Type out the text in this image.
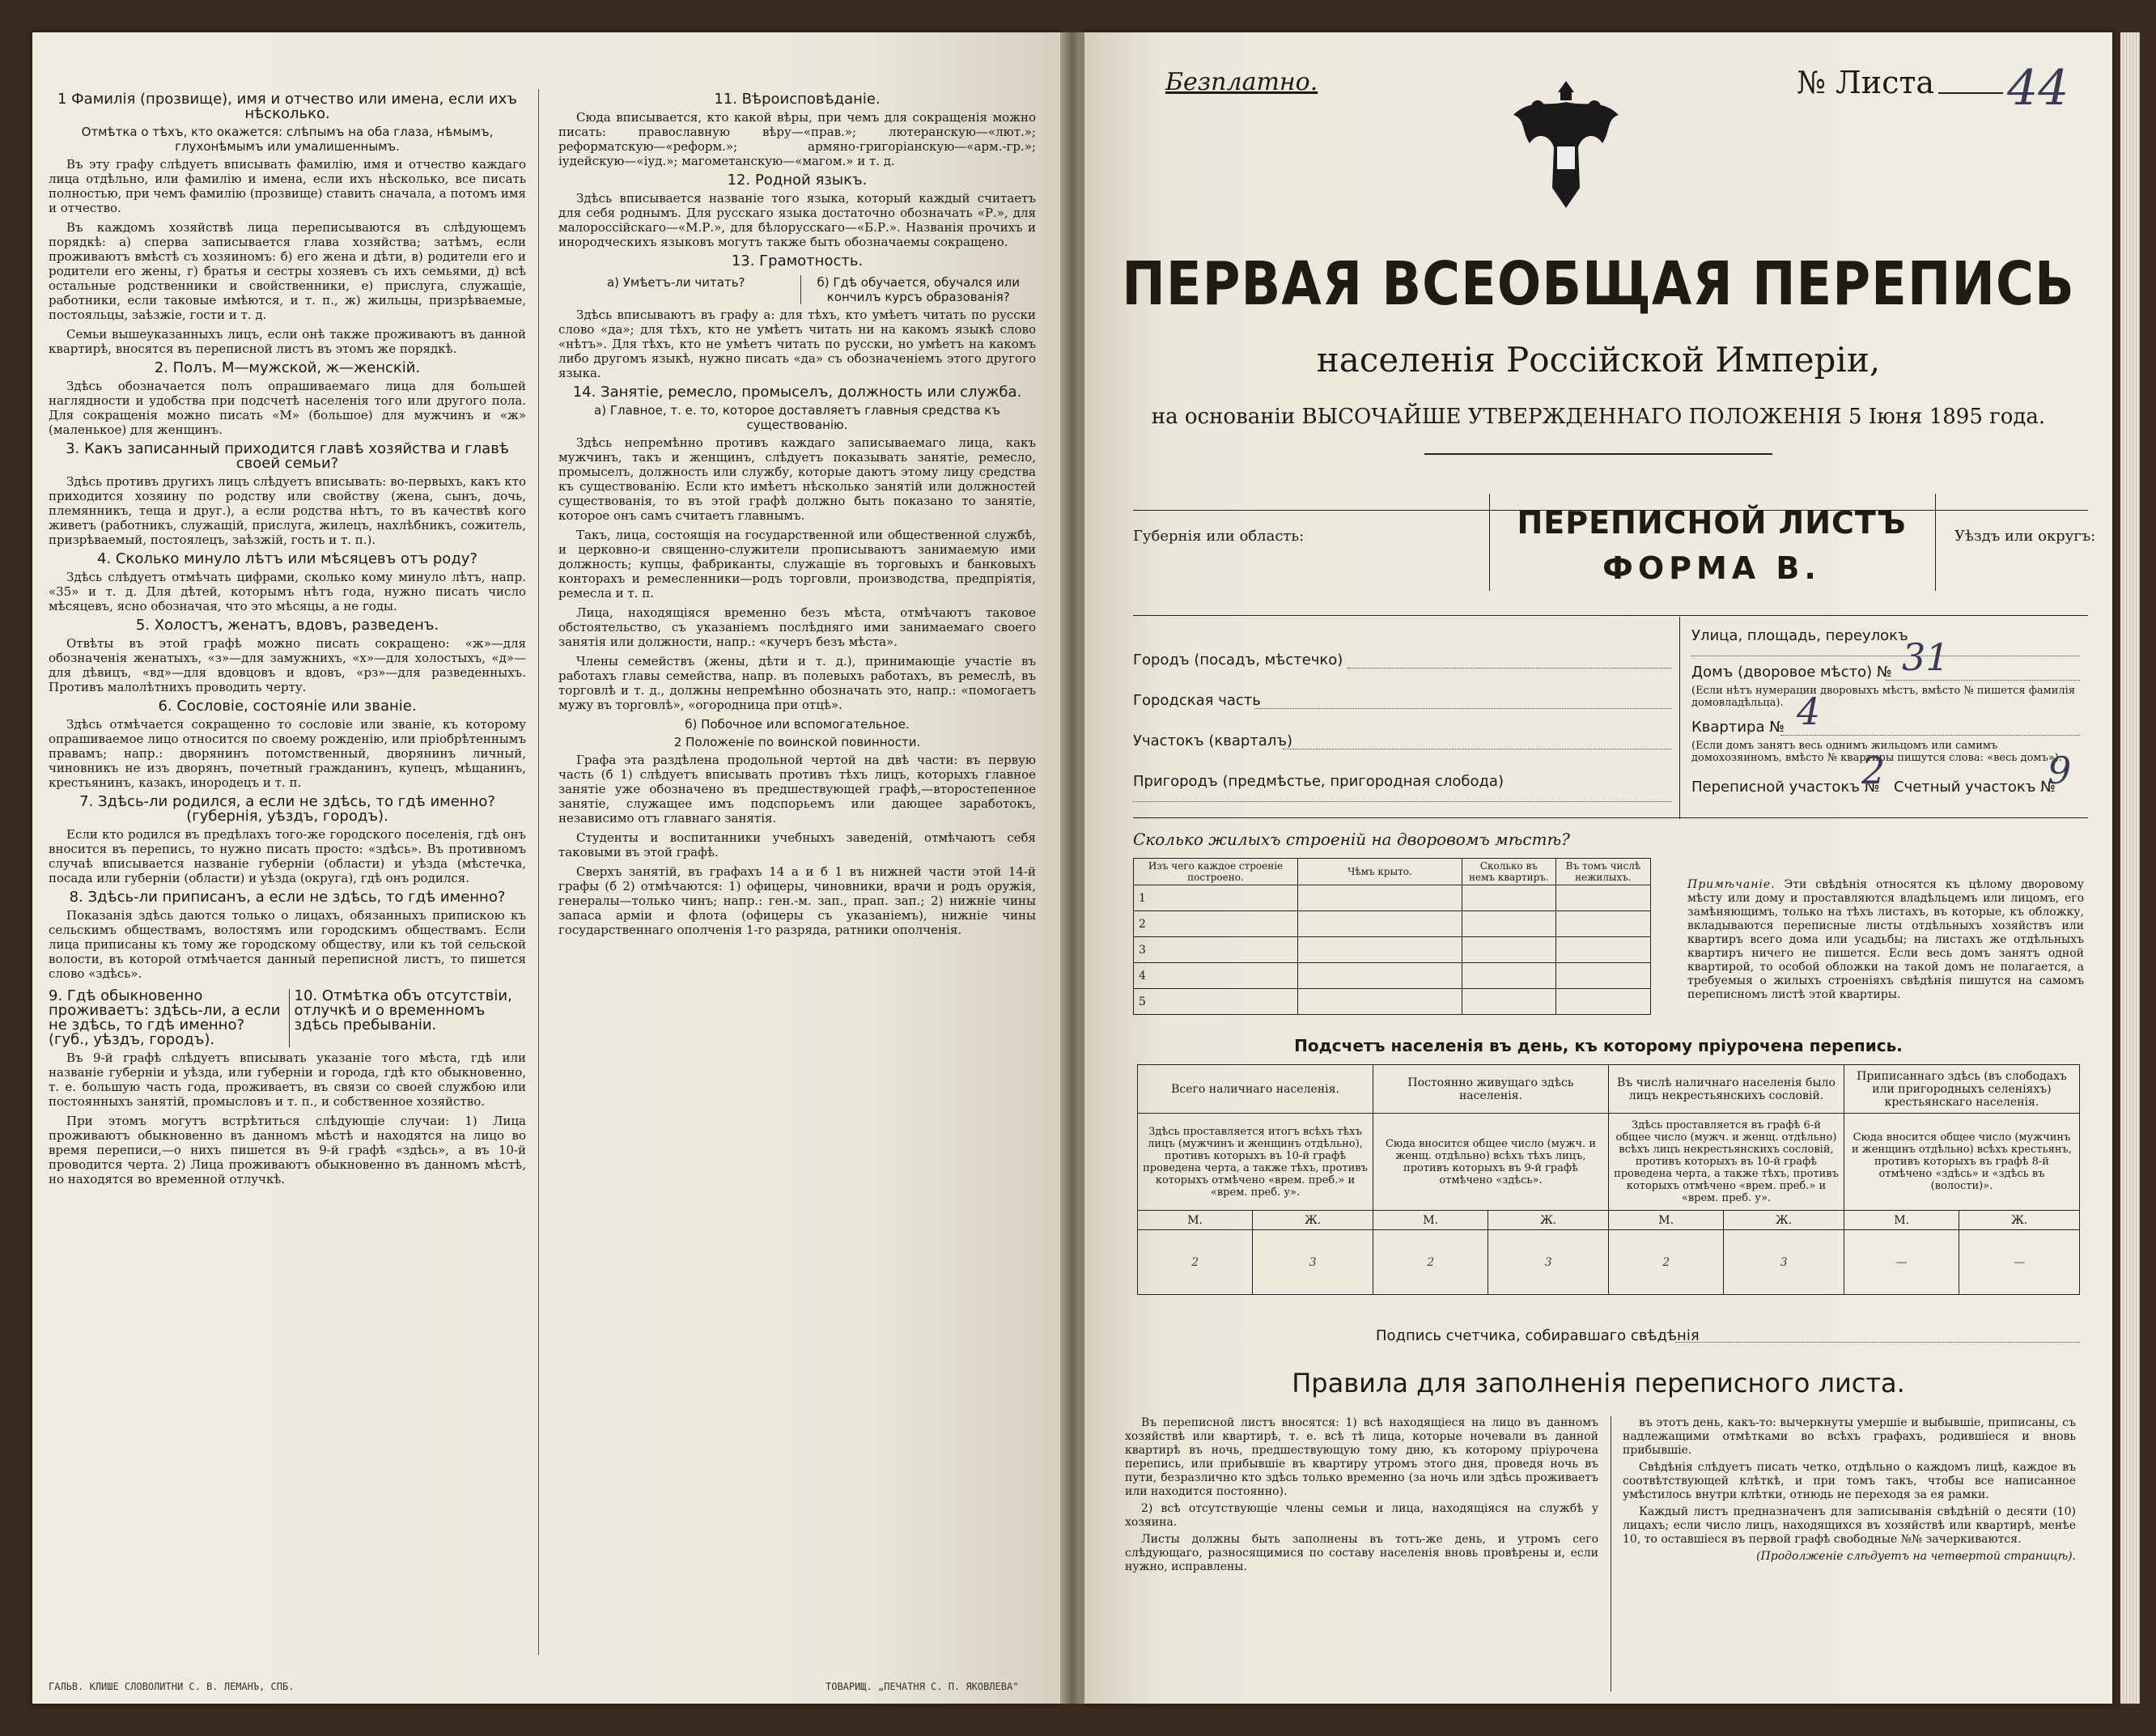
1 Фамилія (прозвище), имя и отчество или имена, если ихъ нѣсколько.
Отмѣтка о тѣхъ, кто окажется: слѣпымъ на оба глаза, нѣмымъ, глухонѣмымъ или умалишеннымъ.

Въ эту графу слѣдуетъ вписывать фамилію, имя и отчество каждаго лица отдѣльно, или фамилію и имена, если ихъ нѣсколько, все писать полностью, при чемъ фамилію (прозвище) ставить сначала, а потомъ имя и отчество.

Въ каждомъ хозяйствѣ лица переписываются въ слѣдующемъ порядкѣ: а) сперва записывается глава хозяйства; затѣмъ, если проживаютъ вмѣстѣ съ хозяиномъ: б) его жена и дѣти, в) родители его и родители его жены, г) братья и сестры хозяевъ съ ихъ семьями, д) всѣ остальные родственники и свойственники, е) прислуга, служащіе, работники, если таковые имѣются, и т. п., ж) жильцы, призрѣваемые, постояльцы, заѣзжіе, гости и т. д.

Семьи вышеуказанныхъ лицъ, если онѣ также проживаютъ въ данной квартирѣ, вносятся въ переписной листъ въ этомъ же порядкѣ.

2. Полъ. М—мужской, ж—женскій.

Здѣсь обозначается полъ опрашиваемаго лица для большей наглядности и удобства при подсчетѣ населенія того или другого пола. Для сокращенія можно писать «М» (большое) для мужчинъ и «ж» (маленькое) для женщинъ.

3. Какъ записанный приходится главѣ хозяйства и главѣ своей семьи?

Здѣсь противъ другихъ лицъ слѣдуетъ вписывать: во-первыхъ, какъ кто приходится хозяину по родству или свойству (жена, сынъ, дочь, племянникъ, теща и друг.), а если родства нѣтъ, то въ качествѣ кого живетъ (работникъ, служащій, прислуга, жилецъ, нахлѣбникъ, сожитель, призрѣваемый, постоялецъ, заѣзжій, гость и т. п.).

4. Сколько минуло лѣтъ или мѣсяцевъ отъ роду?

Здѣсь слѣдуетъ отмѣчать цифрами, сколько кому минуло лѣтъ, напр. «35» и т. д. Для дѣтей, которымъ нѣтъ года, нужно писать число мѣсяцевъ, ясно обозначая, что это мѣсяцы, а не годы.

5. Холостъ, женатъ, вдовъ, разведенъ.

Отвѣты въ этой графѣ можно писать сокращено: «ж»—для обозначенія женатыхъ, «з»—для замужнихъ, «х»—для холостыхъ, «д»—для дѣвицъ, «вд»—для вдовцовъ и вдовъ, «рз»—для разведенныхъ. Противъ малолѣтнихъ проводить черту.

6. Сословіе, состояніе или званіе.

Здѣсь отмѣчается сокращенно то сословіе или званіе, къ которому опрашиваемое лицо относится по своему рожденію, или пріобрѣтеннымъ правамъ; напр.: дворянинъ потомственный, дворянинъ личный, чиновникъ не изъ дворянъ, почетный гражданинъ, купецъ, мѣщанинъ, крестьянинъ, казакъ, инородецъ и т. п.

7. Здѣсь-ли родился, а если не здѣсь, то гдѣ именно? (губернія, уѣздъ, городъ).

Если кто родился въ предѣлахъ того-же городского поселенія, гдѣ онъ вносится въ перепись, то нужно писать просто: «здѣсь». Въ противномъ случаѣ вписывается названіе губерніи (области) и уѣзда (мѣстечка, посада или губерніи (области) и уѣзда (округа), гдѣ онъ родился.

8. Здѣсь-ли приписанъ, а если не здѣсь, то гдѣ именно?

Показанія здѣсь даются только о лицахъ, обязанныхъ припискою къ сельскимъ обществамъ, волостямъ или городскимъ обществамъ. Если лица приписаны къ тому же городскому обществу, или къ той сельской волости, въ которой отмѣчается данный переписной листъ, то пишется слово «здѣсь».

9. Гдѣ обыкновенно проживаетъ: здѣсь-ли, а если не здѣсь, то гдѣ именно? (губ., уѣздъ, городъ).
10. Отмѣтка объ отсутствіи, отлучкѣ и о временномъ здѣсь пребываніи.

Въ 9-й графѣ слѣдуетъ вписывать указаніе того мѣста, гдѣ или названіе губерніи и уѣзда, или губерніи и города, гдѣ кто обыкновенно, т. е. большую часть года, проживаетъ, въ связи со своей службою или постоянныхъ занятій, промысловъ и т. п., и собственное хозяйство.

При этомъ могутъ встрѣтиться слѣдующіе случаи: 1) Лица проживаютъ обыкновенно въ данномъ мѣстѣ и находятся на лицо во время переписи,—о нихъ пишется въ 9-й графѣ «здѣсь», а въ 10-й проводится черта. 2) Лица проживаютъ обыкновенно въ данномъ мѣстѣ, но находятся во временной отлучкѣ.

11. Вѣроисповѣданіе.

Сюда вписывается, кто какой вѣры, при чемъ для сокращенія можно писать: православную вѣру—«прав.»; лютеранскую—«лют.»; реформатскую—«реформ.»; армяно-григоріанскую—«арм.-гр.»; іудейскую—«іуд.»; магометанскую—«магом.» и т. д.

12. Родной языкъ.

Здѣсь вписывается названіе того языка, который каждый считаетъ для себя роднымъ. Для русскаго языка достаточно обозначать «Р.», для малороссійскаго—«М.Р.», для бѣлорусскаго—«Б.Р.». Названія прочихъ и инородческихъ языковъ могутъ также быть обозначаемы сокращено.

13. Грамотность.
а) Умѣетъ-ли читать?	б) Гдѣ обучается, обучался или кончилъ курсъ образованія?

Здѣсь вписываютъ въ графу а: для тѣхъ, кто умѣетъ читать по русски слово «да»; для тѣхъ, кто не умѣетъ читать ни на какомъ языкѣ слово «нѣтъ». Для тѣхъ, кто не умѣетъ читать по русски, но умѣетъ на какомъ либо другомъ языкѣ, нужно писать «да» съ обозначеніемъ этого другого языка.

14. Занятіе, ремесло, промыселъ, должность или служба.
а) Главное, т. е. то, которое доставляетъ главныя средства къ существованію.

Здѣсь непремѣнно противъ каждаго записываемаго лица, какъ мужчинъ, такъ и женщинъ, слѣдуетъ показывать занятіе, ремесло, промыселъ, должность или службу, которые даютъ этому лицу средства къ существованію. Если кто имѣетъ нѣсколько занятій или должностей существованія, то въ этой графѣ должно быть показано то занятіе, которое онъ самъ считаетъ главнымъ.

Такъ, лица, состоящія на государственной или общественной службѣ, и церковно-и священно-служители прописываютъ занимаемую ими должность; купцы, фабриканты, служащіе въ торговыхъ и банковыхъ конторахъ и ремесленники—родъ торговли, производства, предпріятія, ремесла и т. п.

Лица, находящіяся временно безъ мѣста, отмѣчаютъ таковое обстоятельство, съ указаніемъ послѣдняго ими занимаемаго своего занятія или должности, напр.: «кучеръ безъ мѣста».

Члены семействъ (жены, дѣти и т. д.), принимающіе участіе въ работахъ главы семейства, напр. въ полевыхъ работахъ, въ ремеслѣ, въ торговлѣ и т. д., должны непремѣнно обозначать это, напр.: «помогаетъ мужу въ торговлѣ», «огородница при отцѣ».

б) Побочное или вспомогательное.
2 Положеніе по воинской повинности.

Графа эта раздѣлена продольной чертой на двѣ части: въ первую часть (б 1) слѣдуетъ вписывать противъ тѣхъ лицъ, которыхъ главное занятіе уже обозначено въ предшествующей графѣ,—второстепенное занятіе, служащее имъ подспорьемъ или дающее заработокъ, независимо отъ главнаго занятія.

Студенты и воспитанники учебныхъ заведеній, отмѣчаютъ себя таковыми въ этой графѣ.

Сверхъ занятій, въ графахъ 14 а и б 1 въ нижней части этой 14-й графы (б 2) отмѣчаются: 1) офицеры, чиновники, врачи и родъ оружія, генералы—только чинъ; напр.: ген.-м. зап., прап. зап.; 2) нижніе чины запаса армiи и флота (офицеры съ указаніемъ), нижніе чины государственнаго ополченія 1-го разряда, ратники ополченія.

ГАЛЬВ. КЛИШЕ СЛОВОЛИТНИ С. В. ЛЕМАНЪ, СПБ.	ТОВАРИЩ. „ПЕЧАТНЯ С. П. ЯКОВЛЕВА"
Безплатно.	№ Листа 44
ПЕРВАЯ ВСЕОБЩАЯ ПЕРЕПИСЬ
населенія Россійской Имперіи,
на основаніи ВЫСОЧАЙШЕ УТВЕРЖДЕННАГО ПОЛОЖЕНІЯ 5 Іюня 1895 года.
Губернія или область:	ПЕРЕПИСНОЙ ЛИСТЪ
ФОРМА В.
Уѣздъ или округъ:
Городъ (посадъ, мѣстечко)
Городская часть
Участокъ (кварталъ)
Пригородъ (предмѣстье, пригородная слобода)
Улица, площадь, переулокъ
Домъ (дворовое мѣсто) № 31
(Если нѣтъ нумерации дворовыхъ мѣстъ, вмѣсто № пишется фамилія домовладѣльца).
Квартира № 4
(Если домъ занятъ весь однимъ жильцомъ или самимъ домохозяиномъ, вмѣсто № квартиры пишутся слова: «весь домъ»).
Переписной участокъ №
2 Счетный участокъ №
9
Сколько жилыхъ строеній на дворовомъ мѣстѣ?
Изъ чего каждое строеніе построено.	Чѣмъ крыто.	Сколько въ немъ квартиръ.	Въ томъ числѣ нежилыхъ.
1			
2			
3			
4			
5			
Примѣчаніе. Эти свѣдѣнія относятся къ цѣлому дворовому мѣсту или дому и проставляются владѣльцемъ или лицомъ, его замѣняющимъ, только на тѣхъ листахъ, въ которые, къ обложку, вкладываются переписные листы отдѣльныхъ хозяйствъ или квартиръ всего дома или усадьбы; на листахъ же отдѣльныхъ квартиръ ничего не пишется. Если весь домъ занятъ одной квартирой, то особой обложки на такой домъ не полагается, а требуемыя о жилыхъ строеніяхъ свѣдѣнія пишутся на самомъ переписномъ листѣ этой квартиры.
Подсчетъ населенія въ день, къ которому пріурочена перепись.
Всего наличнаго населенія.		Постоянно живущаго здѣсь населенія.		Въ числѣ наличнаго населенія было лицъ некрестьянскихъ сословій.		Приписаннаго здѣсь (въ слободахъ или пригородныхъ селеніяхъ) крестьянскаго населенія.	
Здѣсь проставляется итогъ всѣхъ тѣхъ лицъ (мужчинъ и женщинъ отдѣльно), противъ которыхъ въ 10-й графѣ проведена черта, а также тѣхъ, противъ которыхъ отмѣчено «врем. преб.» и «врем. преб. у».		Сюда вносится общее число (мужч. и женщ. отдѣльно) всѣхъ тѣхъ лицъ, противъ которыхъ въ 9-й графѣ отмѣчено «здѣсь».		Здѣсь проставляется въ графѣ 6-й общее число (мужч. и женщ. отдѣльно) всѣхъ лицъ некрестьянскихъ сословій, противъ которыхъ въ 10-й графѣ проведена черта, а также тѣхъ, противъ которыхъ отмѣчено «врем. преб.» и «врем. преб. у».		Сюда вносится общее число (мужчинъ и женщинъ отдѣльно) всѣхъ крестьянъ, противъ которыхъ въ графѣ 8-й отмѣчено «здѣсь» и «здѣсь въ (волости)».	
М.	Ж.	М.	Ж.	М.	Ж.	М.	Ж.
2	3	2	3	2	3	—	—
Подпись счетчика, собиравшаго свѣдѣнія
Правила для заполненія переписного листа.

Въ переписной листъ вносятся: 1) всѣ находящіеся на лицо въ данномъ хозяйствѣ или квартирѣ, т. е. всѣ тѣ лица, которые ночевали въ данной квартирѣ въ ночь, предшествующую тому дню, къ которому пріурочена перепись, или прибывшіе въ квартиру утромъ этого дня, проведя ночь въ пути, безразлично кто здѣсь только временно (за ночь или здѣсь проживаетъ или находится постоянно).

2) всѣ отсутствующіе члены семьи и лица, находящіяся на службѣ у хозяина.

Листы должны быть заполнены въ тотъ-же день, и утромъ сего слѣдующаго, разносящимися по составу населенія вновь провѣрены и, если нужно, исправлены.

въ этотъ день, какъ-то: вычеркнуты умершіе и выбывшіе, приписаны, съ надлежащими отмѣтками во всѣхъ графахъ, родившіеся и вновь прибывшіе.

Свѣдѣнія слѣдуетъ писать четко, отдѣльно о каждомъ лицѣ, каждое въ соотвѣтствующей клѣткѣ, и при томъ такъ, чтобы все написанное умѣстилось внутри клѣтки, отнюдь не переходя за ея рамки.

Каждый листъ предназначенъ для записыванія свѣдѣній о десяти (10) лицахъ; если число лицъ, находящихся въ хозяйствѣ или квартирѣ, менѣе 10, то оставшіеся въ первой графѣ свободные №№ зачеркиваются.

(Продолженіе слѣдуетъ на четвертой страницѣ).
